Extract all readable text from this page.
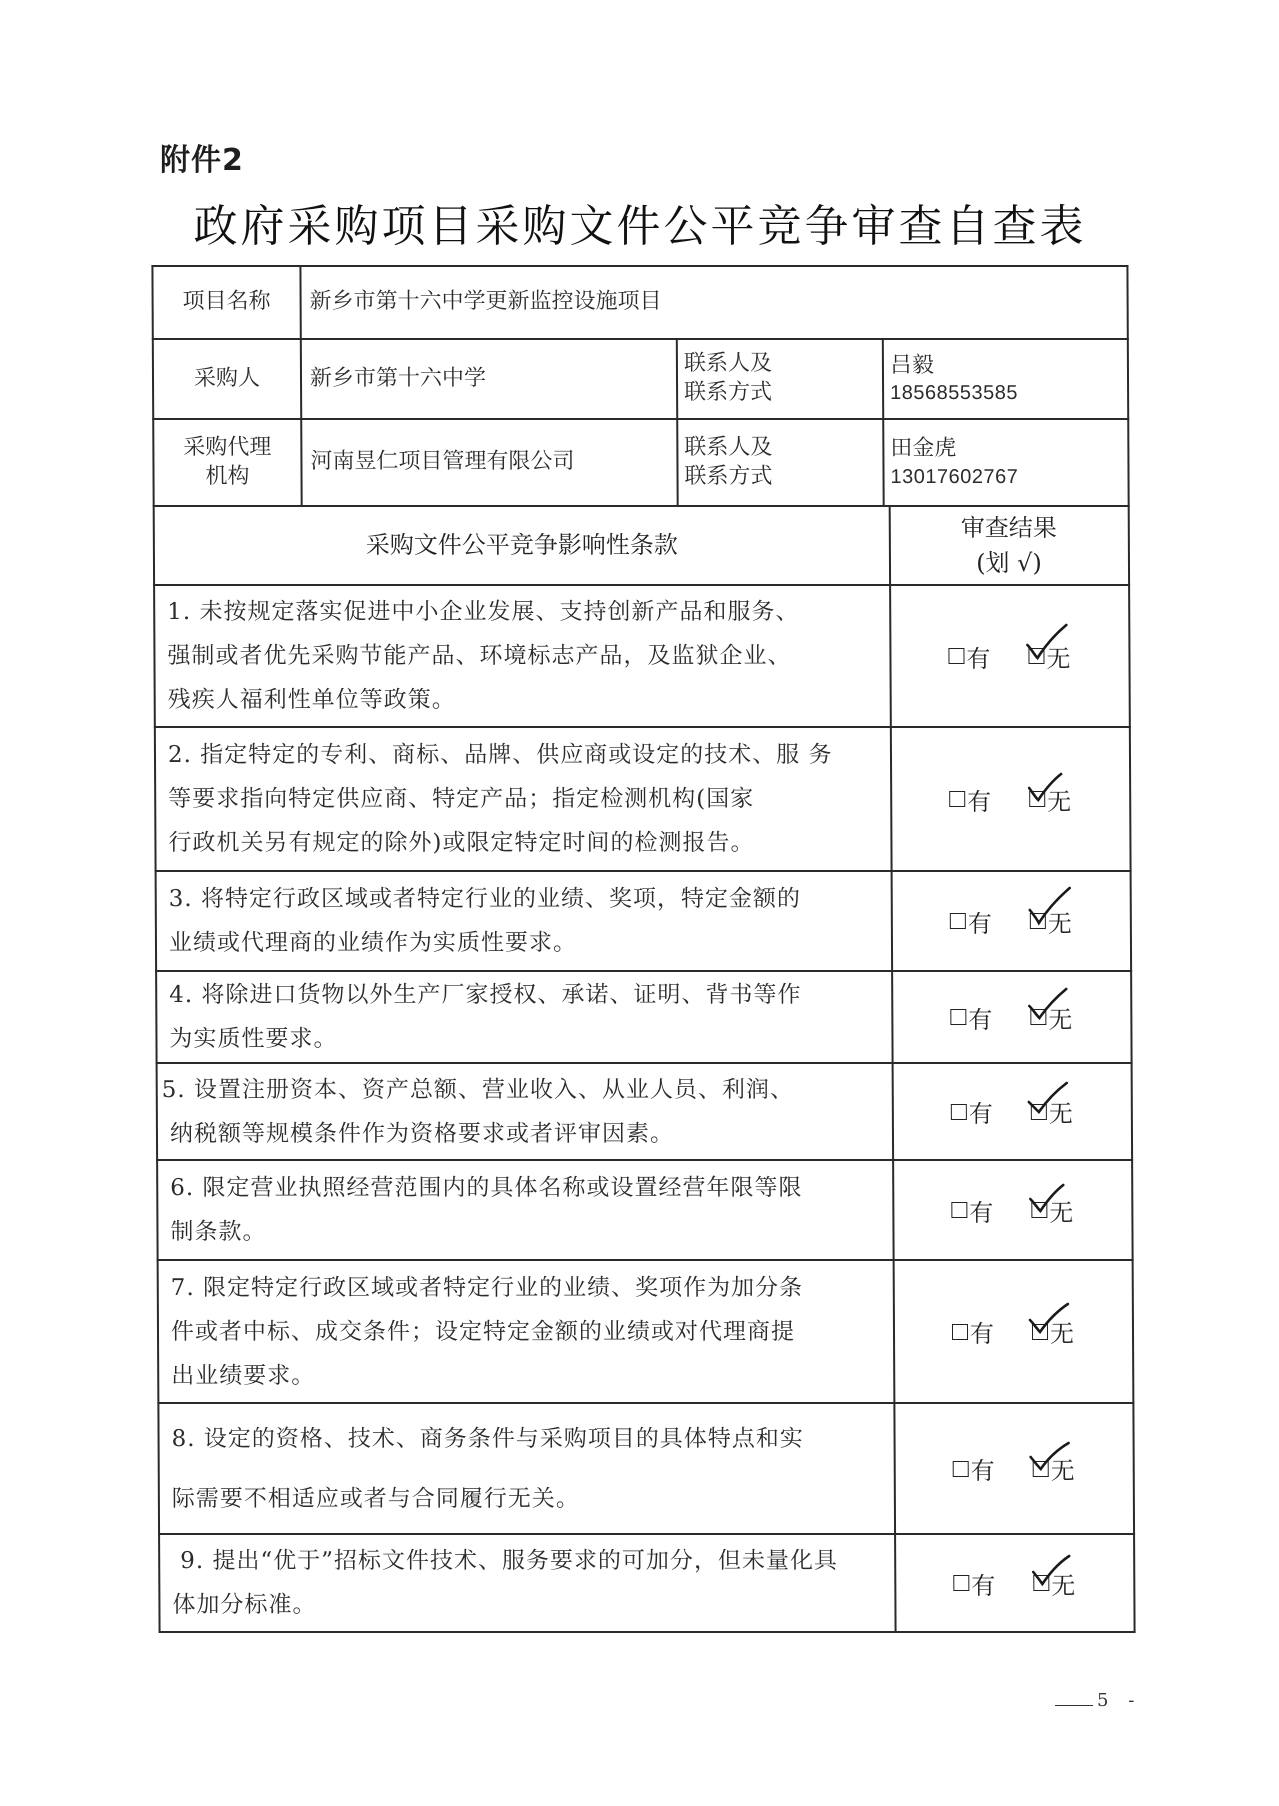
附件2
政府采购项目采购文件公平竞争审查自查表
项目名称	新乡市第十六中学更新监控设施项目
采购人	新乡市第十六中学
联系人及
联系方式
吕毅
18568553585
采购代理
机构
河南昱仁项目管理有限公司
联系人及
联系方式
田金虎
13017602767
采购文件公平竞争影响性条款
审查结果
(划 √)
1. 未按规定落实促进中小企业发展、支持创新产品和服务、
强制或者优先采购节能产品、环境标志产品，及监狱企业、
残疾人福利性单位等政策。
有 无
2. 指定特定的专利、商标、品牌、供应商或设定的技术、服 务
等要求指向特定供应商、特定产品；指定检测机构(国家
行政机关另有规定的除外)或限定特定时间的检测报告。
有 无
3. 将特定行政区域或者特定行业的业绩、奖项，特定金额的
业绩或代理商的业绩作为实质性要求。
有 无
4. 将除进口货物以外生产厂家授权、承诺、证明、背书等作
为实质性要求。
有 无
5. 设置注册资本、资产总额、营业收入、从业人员、利润、
纳税额等规模条件作为资格要求或者评审因素。
有 无
6. 限定营业执照经营范围内的具体名称或设置经营年限等限
制条款。
有 无
7. 限定特定行政区域或者特定行业的业绩、奖项作为加分条
件或者中标、成交条件；设定特定金额的业绩或对代理商提
出业绩要求。
有 无
8. 设定的资格、技术、商务条件与采购项目的具体特点和实
际需要不相适应或者与合同履行无关。
有 无
9. 提出“优于”招标文件技术、服务要求的可加分，但未量化具
体加分标准。
有 无
5 -
